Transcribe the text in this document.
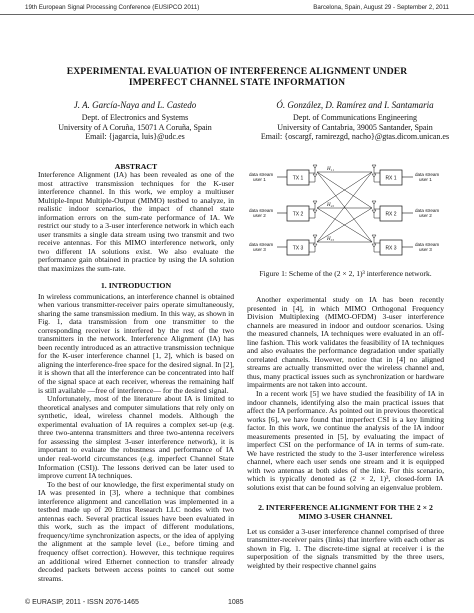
19th European Signal Processing Conference (EUSIPCO 2011)	Barcelona, Spain, August 29 - September 2, 2011
EXPERIMENTAL EVALUATION OF INTERFERENCE ALIGNMENT UNDER
IMPERFECT CHANNEL STATE INFORMATION
J. A. García-Naya and L. Castedo
Dept. of Electronics and Systems
University of A Coruña, 15071 A Coruña, Spain
Email: {jagarcia, luis}@udc.es
Ó. González, D. Ramírez and I. Santamaria
Dept. of Communications Engineering
University of Cantabria, 39005 Santander, Spain
Email: {oscargf, ramirezgd, nacho}@gtas.dicom.unican.es
ABSTRACT

Interference Alignment (IA) has been revealed as one of the most attractive transmission techniques for the K-user interference channel. In this work, we employ a multiuser Multiple-Input Multiple-Output (MIMO) testbed to analyze, in realistic indoor scenarios, the impact of channel state information errors on the sum-rate performance of IA. We restrict our study to a 3-user interference network in which each user transmits a single data stream using two transmit and two receive antennas. For this MIMO interference network, only two different IA solutions exist. We also evaluate the performance gain obtained in practice by using the IA solution that maximizes the sum-rate.

1. INTRODUCTION

In wireless communications, an interference channel is obtained when various transmitter-receiver pairs operate simultaneously, sharing the same transmission medium. In this way, as shown in Fig. 1, data transmission from one transmitter to the corresponding receiver is interfered by the rest of the two transmitters in the network. Interference Alignment (IA) has been recently introduced as an attractive transmission technique for the K-user interference channel [1, 2], which is based on aligning the interference-free space for the desired signal. In [2], it is shown that all the interference can be concentrated into half of the signal space at each receiver, whereas the remaining half is still available —free of interference— for the desired signal.

Unfortunately, most of the literature about IA is limited to theoretical analyses and computer simulations that rely only on synthetic, ideal, wireless channel models. Although the experimental evaluation of IA requires a complex set-up (e.g. three two-antenna transmitters and three two-antenna receivers for assessing the simplest 3-user interference network), it is important to evaluate the robustness and performance of IA under real-world circumstances (e.g. imperfect Channel State Information (CSI)). The lessons derived can be later used to improve current IA techniques.

To the best of our knowledge, the first experimental study on IA was presented in [3], where a technique that combines interference alignment and cancellation was implemented in a testbed made up of 20 Ettus Research LLC nodes with two antennas each. Several practical issues have been evaluated in this work, such as the impact of different modulations, frequency/time synchronization aspects, or the idea of applying the alignment at the sample level (i.e., before timing and frequency offset correction). However, this technique requires an additional wired Ethernet connection to transfer already decoded packets between access points to cancel out some streams.

data stream
user 1
data stream
user 2
data stream
user 3
data stream
user 1
data stream
user 2
data stream
user 3
TX 1
TX 2
TX 3
RX 1
RX 2
RX 3
H₁₁
H₂₂
H₃₃
Figure 1: Scheme of the (2 × 2, 1)³ interference network.

Another experimental study on IA has been recently presented in [4], in which MIMO Orthogonal Frequency Division Multiplexing (MIMO-OFDM) 3-user interference channels are measured in indoor and outdoor scenarios. Using the measured channels, IA techniques were evaluated in an off-line fashion. This work validates the feasibility of IA techniques and also evaluates the performance degradation under spatially correlated channels. However, notice that in [4] no aligned streams are actually transmitted over the wireless channel and, thus, many practical issues such as synchronization or hardware impairments are not taken into account.

In a recent work [5] we have studied the feasibility of IA in indoor channels, identifying also the main practical issues that affect the IA performance. As pointed out in previous theoretical works [6], we have found that imperfect CSI is a key limiting factor. In this work, we continue the analysis of the IA indoor measurements presented in [5], by evaluating the impact of imperfect CSI on the performance of IA in terms of sum-rate. We have restricted the study to the 3-user interference wireless channel, where each user sends one stream and it is equipped with two antennas at both sides of the link. For this scenario, which is typically denoted as (2 × 2, 1)³, closed-form IA solutions exist that can be found solving an eigenvalue problem.

2. INTERFERENCE ALIGNMENT FOR THE 2 × 2 MIMO 3-USER CHANNEL

Let us consider a 3-user interference channel comprised of three transmitter-receiver pairs (links) that interfere with each other as shown in Fig. 1. The discrete-time signal at receiver i is the superposition of the signals transmitted by the three users, weighted by their respective channel gains

© EURASIP, 2011 - ISSN 2076-1465	1085
